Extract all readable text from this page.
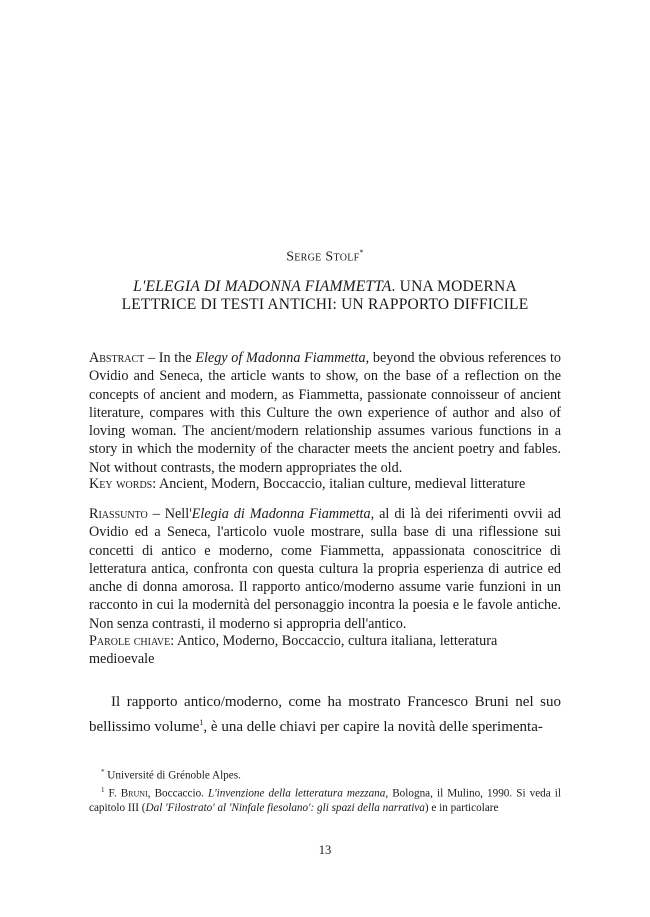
Serge Stolf*
L'ELEGIA DI MADONNA FIAMMETTA. UNA MODERNA
LETTRICE DI TESTI ANTICHI: UN RAPPORTO DIFFICILE

Abstract – In the Elegy of Madonna Fiammetta, beyond the obvious references to Ovidio and Seneca, the article wants to show, on the base of a reflection on the concepts of ancient and modern, as Fiammetta, passionate connoisseur of ancient literature, compares with this Culture the own experience of author and also of loving woman. The ancient/modern relationship assumes various functions in a story in which the modernity of the character meets the ancient poetry and fables. Not without contrasts, the modern appropriates the old.

Key words: Ancient, Modern, Boccaccio, italian culture, medieval litterature

Riassunto – Nell'Elegia di Madonna Fiammetta, al di là dei riferimenti ovvii ad Ovidio ed a Seneca, l'articolo vuole mostrare, sulla base di una riflessione sui concetti di antico e moderno, come Fiammetta, appassionata conoscitrice di letteratura antica, confronta con questa cultura la propria esperienza di autrice ed anche di donna amorosa. Il rapporto antico/moderno assume varie funzioni in un racconto in cui la modernità del personaggio incontra la poesia e le favole antiche. Non senza contrasti, il moderno si appropria dell'antico.

Parole chiave: Antico, Moderno, Boccaccio, cultura italiana, letteratura medioevale

Il rapporto antico/moderno, come ha mostrato Francesco Bruni nel suo bellissimo volume$^1$, è una delle chiavi per capire la novità delle sperimenta-

* Université di Grénoble Alpes.

$^1$ F. Bruni, Boccaccio. L'invenzione della letteratura mezzana, Bologna, il Mulino, 1990. Si veda il capitolo III (Dal 'Filostrato' al 'Ninfale fiesolano': gli spazi della narrativa) e in particolare

13
